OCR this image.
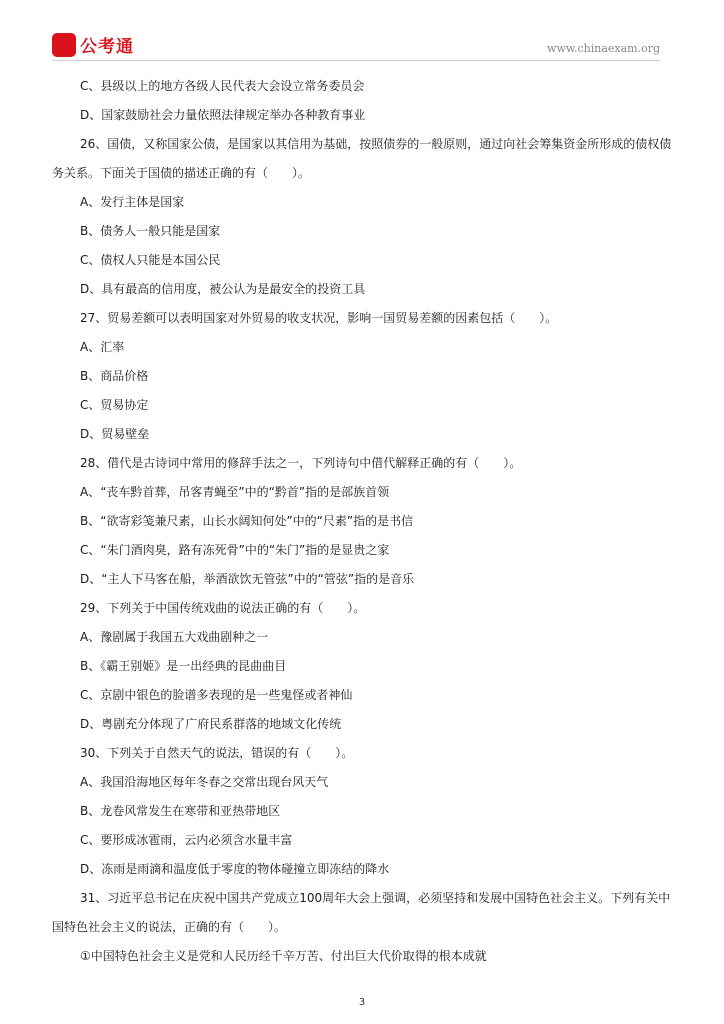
公考通	www.chinaexam.org

C、县级以上的地方各级人民代表大会设立常务委员会

D、国家鼓励社会力量依照法律规定举办各种教育事业

26、国债，又称国家公债，是国家以其信用为基础，按照债券的一般原则，通过向社会筹集资金所形成的债权债务关系。下面关于国债的描述正确的有（　　）。

A、发行主体是国家

B、债务人一般只能是国家

C、债权人只能是本国公民

D、具有最高的信用度，被公认为是最安全的投资工具

27、贸易差额可以表明国家对外贸易的收支状况，影响一国贸易差额的因素包括（　　）。

A、汇率

B、商品价格

C、贸易协定

D、贸易壁垒

28、借代是古诗词中常用的修辞手法之一，下列诗句中借代解释正确的有（　　）。

A、“丧车黔首葬，吊客青蝇至”中的“黔首”指的是部族首领

B、“欲寄彩笺兼尺素，山长水阔知何处”中的“尺素”指的是书信

C、“朱门酒肉臭，路有冻死骨”中的“朱门”指的是显贵之家

D、“主人下马客在船，举酒欲饮无管弦”中的“管弦”指的是音乐

29、下列关于中国传统戏曲的说法正确的有（　　）。

A、豫剧属于我国五大戏曲剧种之一

B、《霸王别姬》是一出经典的昆曲曲目

C、京剧中银色的脸谱多表现的是一些鬼怪或者神仙

D、粤剧充分体现了广府民系群落的地域文化传统

30、下列关于自然天气的说法，错误的有（　　）。

A、我国沿海地区每年冬春之交常出现台风天气

B、龙卷风常发生在寒带和亚热带地区

C、要形成冰雹雨，云内必须含水量丰富

D、冻雨是雨滴和温度低于零度的物体碰撞立即冻结的降水

31、习近平总书记在庆祝中国共产党成立100周年大会上强调，必须坚持和发展中国特色社会主义。下列有关中国特色社会主义的说法，正确的有（　　）。

①中国特色社会主义是党和人民历经千辛万苦、付出巨大代价取得的根本成就

3
